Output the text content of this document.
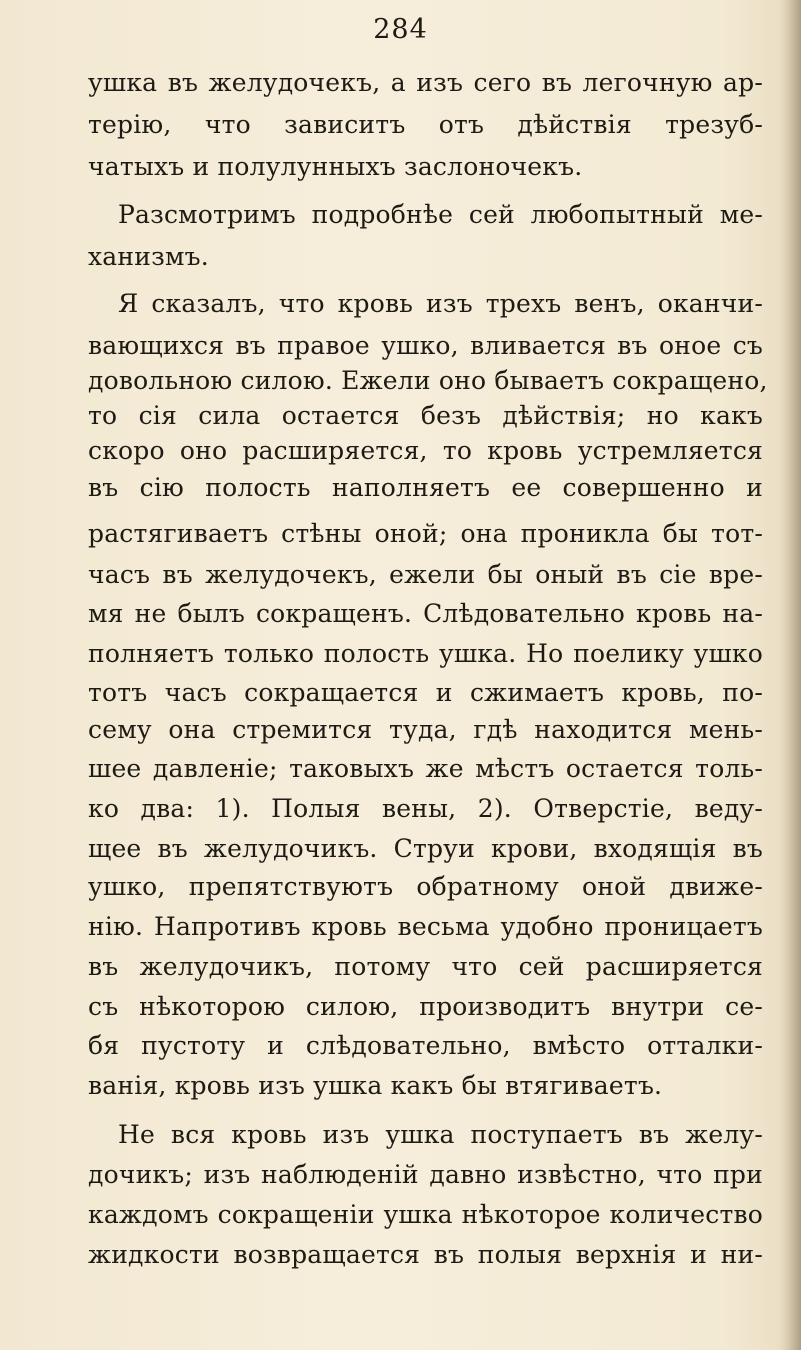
284
ушка въ желудочекъ, а изъ сего въ легочную ар-
терію, что зависитъ отъ дѣйствія трезуб-
чатыхъ и полулунныхъ заслоночекъ.
Разсмотримъ подробнѣе сей любопытный ме-
ханизмъ.
Я сказалъ, что кровь изъ трехъ венъ, оканчи-
вающихся въ правое ушко, вливается въ оное съ
довольною силою. Ежели оно бываетъ сокращено,
то сія сила остается безъ дѣйствія; но какъ
скоро оно расширяется, то кровь устремляется
въ сію полость наполняетъ ее совершенно и
растягиваетъ стѣны оной; она проникла бы тот-
часъ въ желудочекъ, ежели бы оный въ сіе вре-
мя не былъ сокращенъ. Слѣдовательно кровь на-
полняетъ только полость ушка. Но поелику ушко
тотъ часъ сокращается и сжимаетъ кровь, по-
сему она стремится туда, гдѣ находится мень-
шее давленіе; таковыхъ же мѣстъ остается толь-
ко два: 1). Полыя вены, 2). Отверстіе, веду-
щее въ желудочикъ. Струи крови, входящія въ
ушко, препятствуютъ обратному оной движе-
нію. Напротивъ кровь весьма удобно проницаетъ
въ желудочикъ, потому что сей расширяется
съ нѣкоторою силою, производитъ внутри се-
бя пустоту и слѣдовательно, вмѣсто отталки-
ванія, кровь изъ ушка какъ бы втягиваетъ.
Не вся кровь изъ ушка поступаетъ въ желу-
дочикъ; изъ наблюденій давно извѣстно, что при
каждомъ сокращеніи ушка нѣкоторое количество
жидкости возвращается въ полыя верхнія и ни-
